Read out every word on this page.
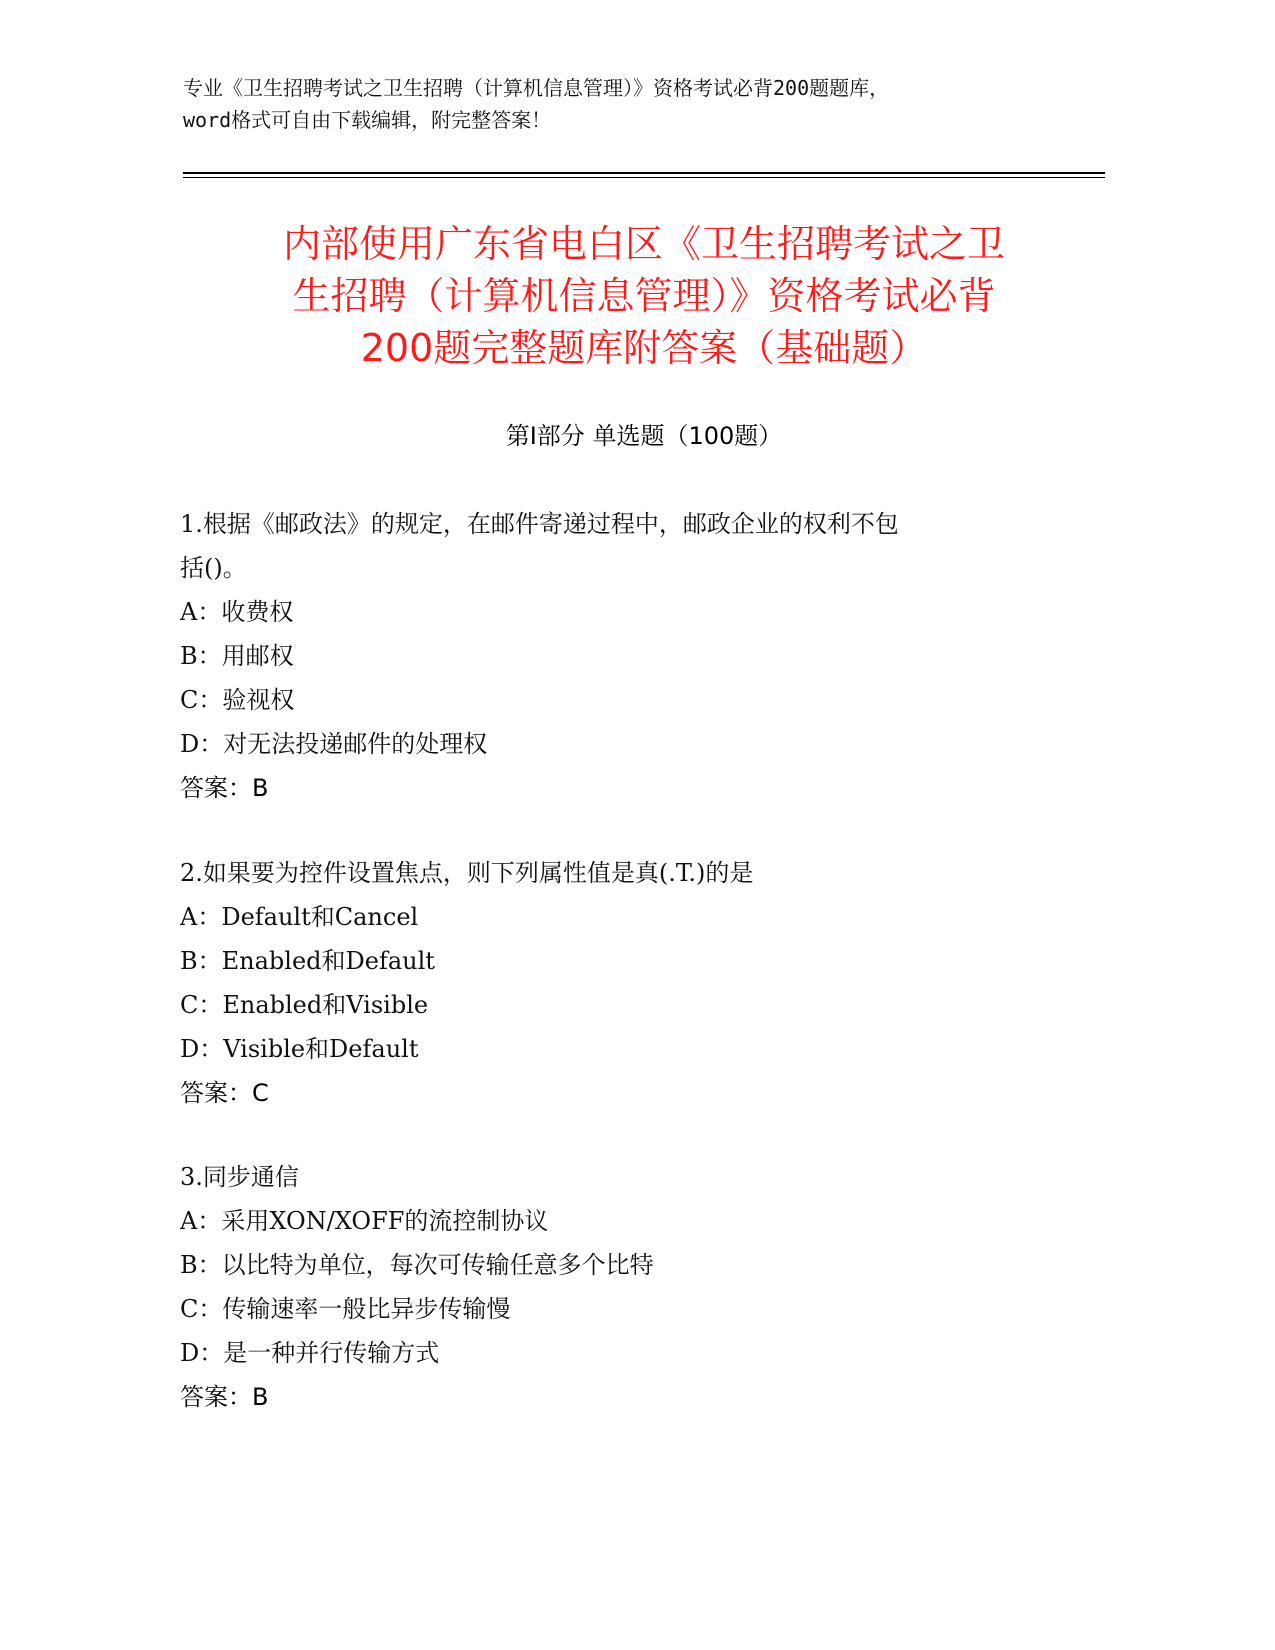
专业《卫生招聘考试之卫生招聘（计算机信息管理）》资格考试必背200题题库，
word格式可自由下载编辑，附完整答案！
内部使用广东省电白区《卫生招聘考试之卫
生招聘（计算机信息管理）》资格考试必背
200题完整题库附答案（基础题）
第Ⅰ部分 单选题（100题）
1.根据《邮政法》的规定，在邮件寄递过程中，邮政企业的权利不包
括()。
A：收费权
B：用邮权
C：验视权
D：对无法投递邮件的处理权
答案：B
2.如果要为控件设置焦点，则下列属性值是真(.T.)的是
A：Default和Cancel
B：Enabled和Default
C：Enabled和Visible
D：Visible和Default
答案：C
3.同步通信
A：采用XON/XOFF的流控制协议
B：以比特为单位，每次可传输任意多个比特
C：传输速率一般比异步传输慢
D：是一种并行传输方式
答案：B
